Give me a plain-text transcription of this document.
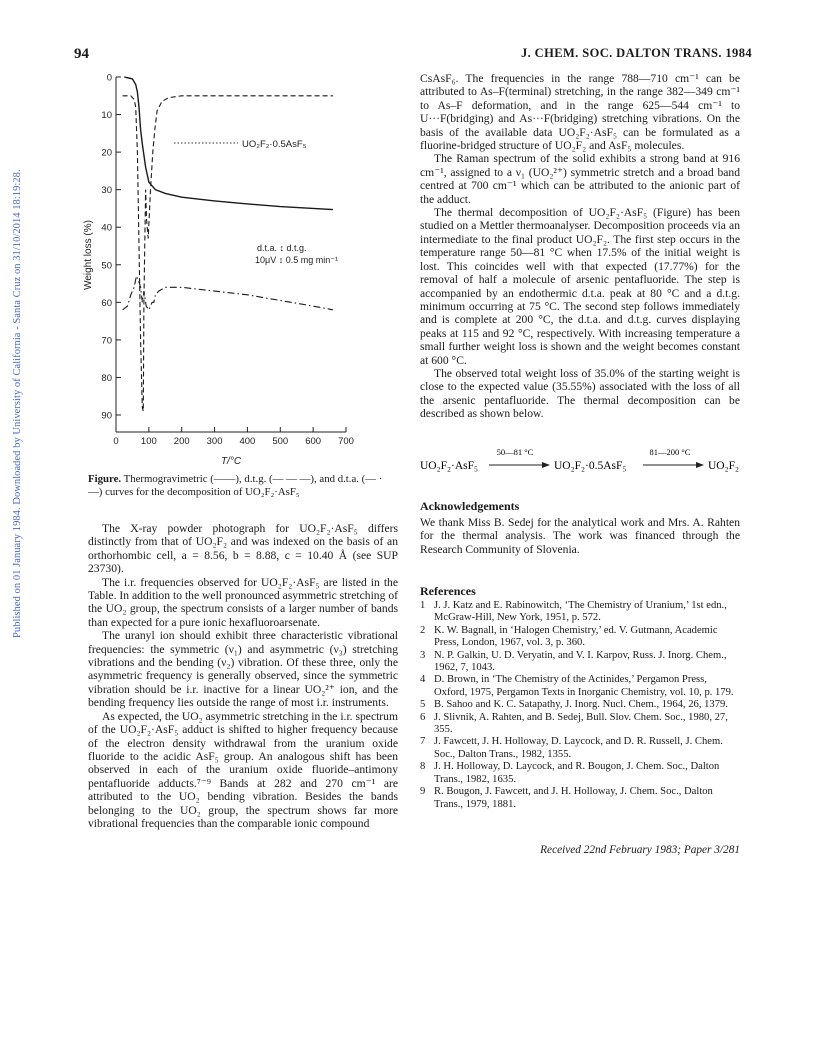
94	J. CHEM. SOC. DALTON TRANS. 1984
Published on 01 January 1984. Downloaded by University of California - Santa Cruz on 31/10/2014 18:19:28.
0
10
20
30
40
50
60
70
80
90
0 100 200 300 400 500 600 700
Weight loss (%)
T/°C
UO₂F₂·0.5AsF₅
d.t.a. ↕ d.t.g.
10μV ↕ 0.5 mg min⁻¹
Figure. Thermogravimetric (——), d.t.g. (— — —), and d.t.a. (— · —) curves for the decomposition of UO₂F₂·AsF₅

The X-ray powder photograph for UO₂F₂·AsF₅ differs distinctly from that of UO₂F₂ and was indexed on the basis of an orthorhombic cell, a = 8.56, b = 8.88, c = 10.40 Å (see SUP 23730).

The i.r. frequencies observed for UO₂F₂·AsF₅ are listed in the Table. In addition to the well pronounced asymmetric stretching of the UO₂ group, the spectrum consists of a larger number of bands than expected for a pure ionic hexafluoroarsenate.

The uranyl ion should exhibit three characteristic vibrational frequencies: the symmetric (ν₁) and asymmetric (ν₃) stretching vibrations and the bending (ν₂) vibration. Of these three, only the asymmetric frequency is generally observed, since the symmetric vibration should be i.r. inactive for a linear UO₂²⁺ ion, and the bending frequency lies outside the range of most i.r. instruments.

As expected, the UO₂ asymmetric stretching in the i.r. spectrum of the UO₂F₂·AsF₅ adduct is shifted to higher frequency because of the electron density withdrawal from the uranium oxide fluoride to the acidic AsF₅ group. An analogous shift has been observed in each of the uranium oxide fluoride–antimony pentafluoride adducts.⁷⁻⁹ Bands at 282 and 270 cm⁻¹ are attributed to the UO₂ bending vibration. Besides the bands belonging to the UO₂ group, the spectrum shows far more vibrational frequencies than the comparable ionic compound

CsAsF₆. The frequencies in the range 788—710 cm⁻¹ can be attributed to As–F(terminal) stretching, in the range 382—349 cm⁻¹ to As–F deformation, and in the range 625—544 cm⁻¹ to U···F(bridging) and As···F(bridging) stretching vibrations. On the basis of the available data UO₂F₂·AsF₅ can be formulated as a fluorine-bridged structure of UO₂F₂ and AsF₅ molecules.

The Raman spectrum of the solid exhibits a strong band at 916 cm⁻¹, assigned to a ν₁ (UO₂²⁺) symmetric stretch and a broad band centred at 700 cm⁻¹ which can be attributed to the anionic part of the adduct.

The thermal decomposition of UO₂F₂·AsF₅ (Figure) has been studied on a Mettler thermoanalyser. Decomposition proceeds via an intermediate to the final product UO₂F₂. The first step occurs in the temperature range 50—81 °C when 17.5% of the initial weight is lost. This coincides well with that expected (17.77%) for the removal of half a molecule of arsenic pentafluoride. The step is accompanied by an endothermic d.t.a. peak at 80 °C and a d.t.g. minimum occurring at 75 °C. The second step follows immediately and is complete at 200 °C, the d.t.a. and d.t.g. curves displaying peaks at 115 and 92 °C, respectively. With increasing temperature a small further weight loss is shown and the weight becomes constant at 600 °C.

The observed total weight loss of 35.0% of the starting weight is close to the expected value (35.55%) associated with the loss of all the arsenic pentafluoride. The thermal decomposition can be described as shown below.

UO₂F₂·AsF₅
50—81 °C
UO₂F₂·0.5AsF₅
81—200 °C
UO₂F₂
Acknowledgements

We thank Miss B. Sedej for the analytical work and Mrs. A. Rahten for the thermal analysis. The work was financed through the Research Community of Slovenia.

References
1 J. J. Katz and E. Rabinowitch, ‘The Chemistry of Uranium,’ 1st edn., McGraw-Hill, New York, 1951, p. 572.
2 K. W. Bagnall, in ‘Halogen Chemistry,’ ed. V. Gutmann, Academic Press, London, 1967, vol. 3, p. 360.
3 N. P. Galkin, U. D. Veryatin, and V. I. Karpov, Russ. J. Inorg. Chem., 1962, 7, 1043.
4 D. Brown, in ‘The Chemistry of the Actinides,’ Pergamon Press, Oxford, 1975, Pergamon Texts in Inorganic Chemistry, vol. 10, p. 179.
5 B. Sahoo and K. C. Satapathy, J. Inorg. Nucl. Chem., 1964, 26, 1379.
6 J. Slivnik, A. Rahten, and B. Sedej, Bull. Slov. Chem. Soc., 1980, 27, 355.
7 J. Fawcett, J. H. Holloway, D. Laycock, and D. R. Russell, J. Chem. Soc., Dalton Trans., 1982, 1355.
8 J. H. Holloway, D. Laycock, and R. Bougon, J. Chem. Soc., Dalton Trans., 1982, 1635.
9 R. Bougon, J. Fawcett, and J. H. Holloway, J. Chem. Soc., Dalton Trans., 1979, 1881.
Received 22nd February 1983; Paper 3/281
